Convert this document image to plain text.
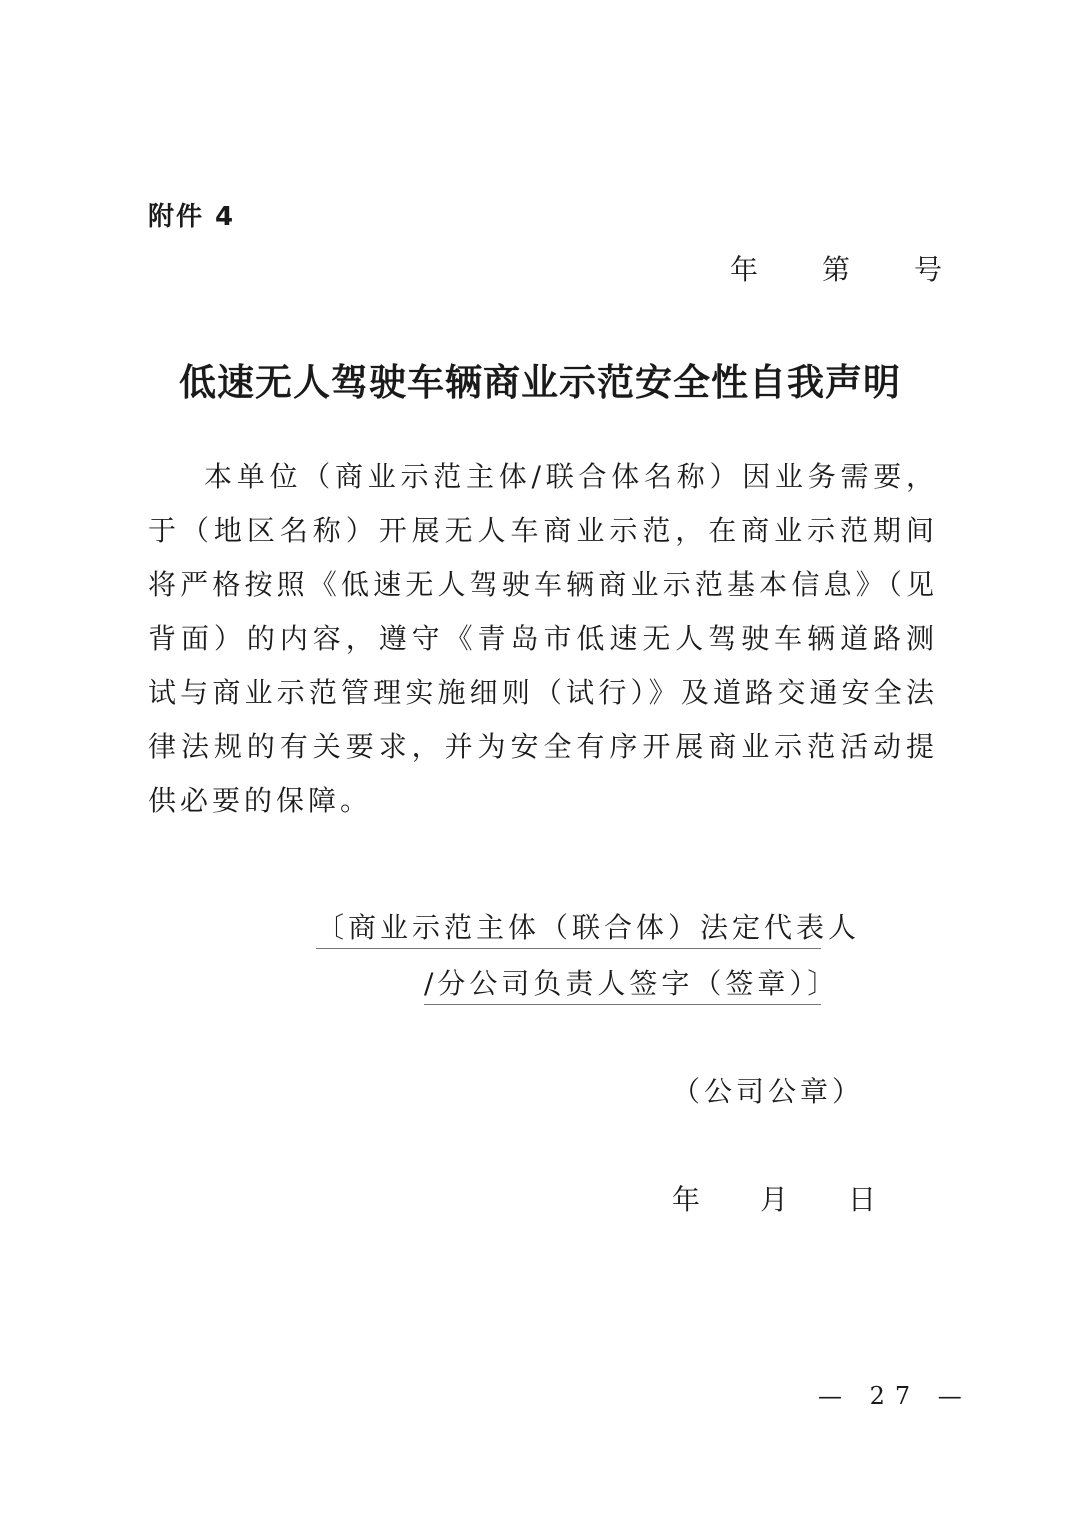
附件 4
年 第 号
低速无人驾驶车辆商业示范安全性自我声明

本单位（商业示范主体/联合体名称）因业务需要，于（地区名称）开展无人车商业示范，在商业示范期间将严格按照《低速无人驾驶车辆商业示范基本信息》（见背面）的内容，遵守《青岛市低速无人驾驶车辆道路测试与商业示范管理实施细则（试行）》及道路交通安全法律法规的有关要求，并为安全有序开展商业示范活动提供必要的保障。

〔商业示范主体（联合体）法定代表人
/分公司负责人签字（签章）〕
（公司公章）
年 月 日
— 27 —
